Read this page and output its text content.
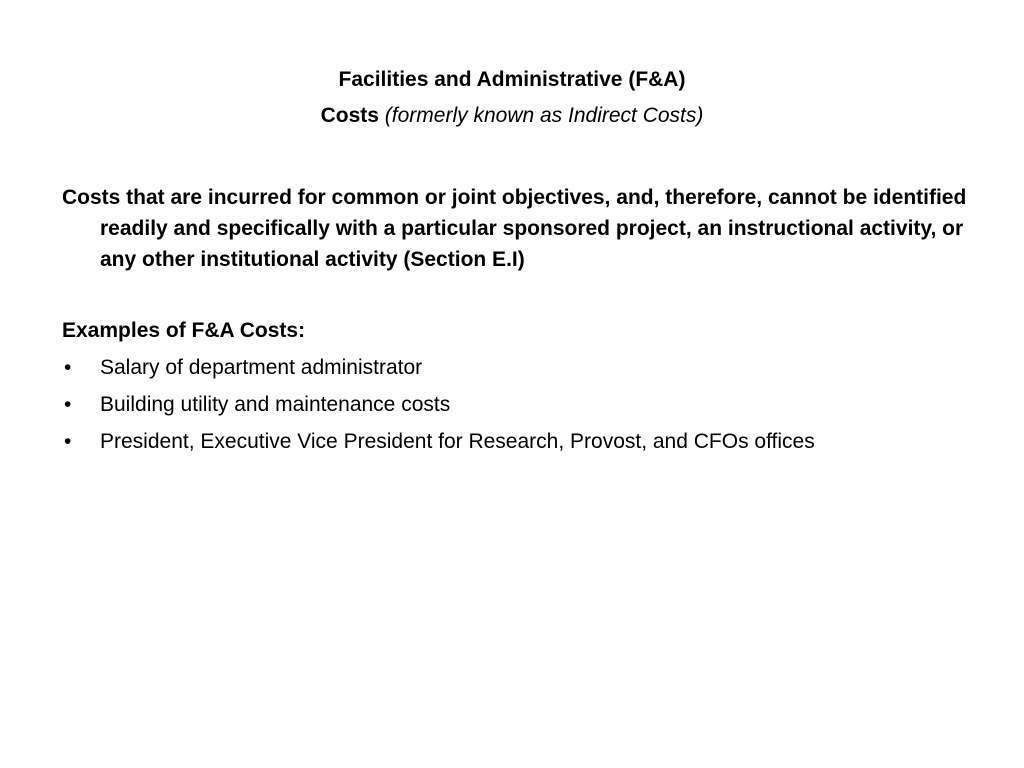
Facilities and Administrative (F&A)
Costs (formerly known as Indirect Costs)

Costs that are incurred for common or joint objectives, and, therefore, cannot be identified readily and specifically with a particular sponsored project, an instructional activity, or any other institutional activity (Section E.I)

Examples of F&A Costs:
• Salary of department administrator
• Building utility and maintenance costs
• President, Executive Vice President for Research, Provost, and CFOs offices
